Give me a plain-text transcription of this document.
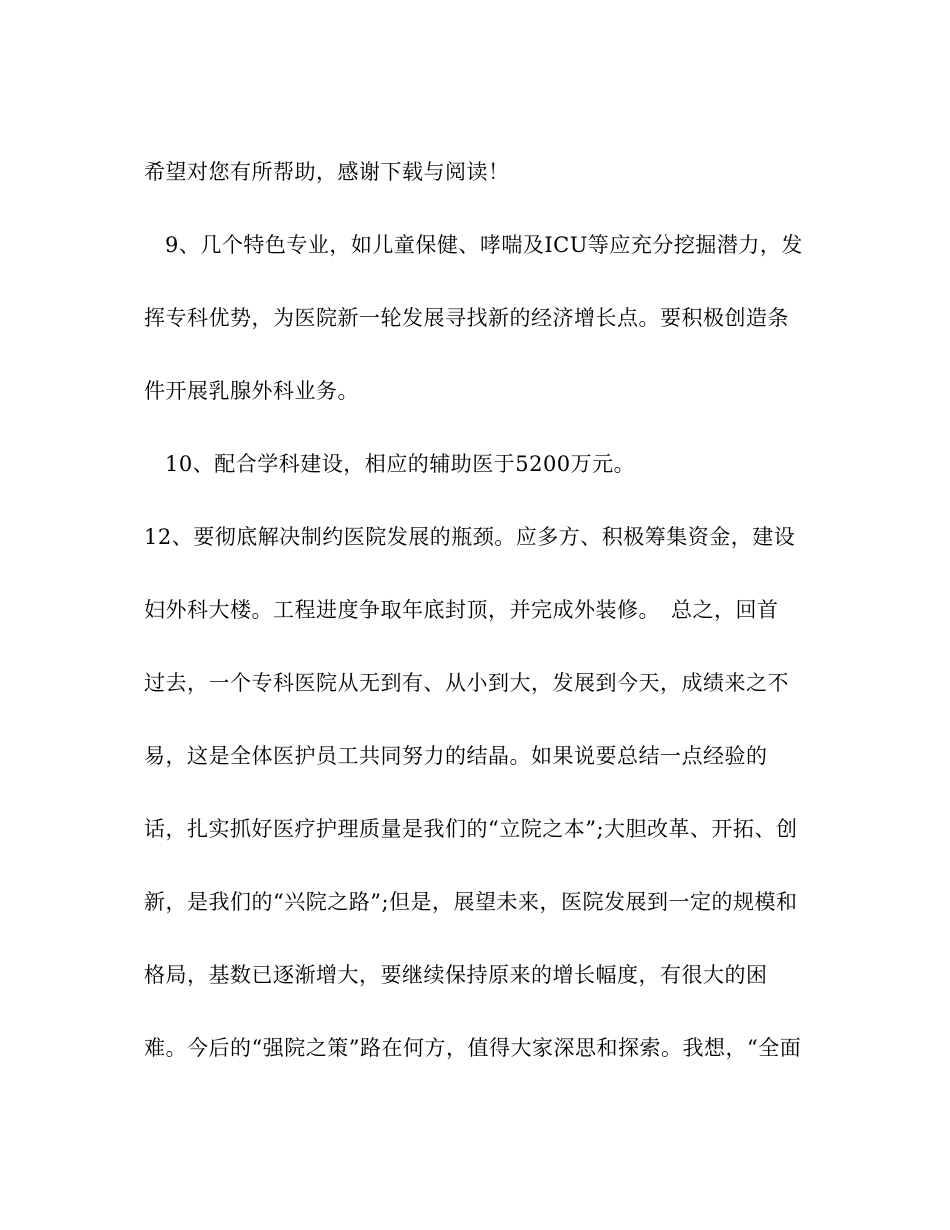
希望对您有所帮助，感谢下载与阅读！
9、几个特色专业，如儿童保健、哮喘及ICU等应充分挖掘潜力，发
挥专科优势，为医院新一轮发展寻找新的经济增长点。要积极创造条
件开展乳腺外科业务。
10、配合学科建设，相应的辅助医于5200万元。
12、要彻底解决制约医院发展的瓶颈。应多方、积极筹集资金，建设
妇外科大楼。工程进度争取年底封顶，并完成外装修。　总之，回首
过去，一个专科医院从无到有、从小到大，发展到今天，成绩来之不
易，这是全体医护员工共同努力的结晶。如果说要总结一点经验的
话，扎实抓好医疗护理质量是我们的“立院之本”;大胆改革、开拓、创
新，是我们的“兴院之路”;但是，展望未来，医院发展到一定的规模和
格局，基数已逐渐增大，要继续保持原来的增长幅度，有很大的困
难。今后的“强院之策”路在何方，值得大家深思和探索。我想，“全面
